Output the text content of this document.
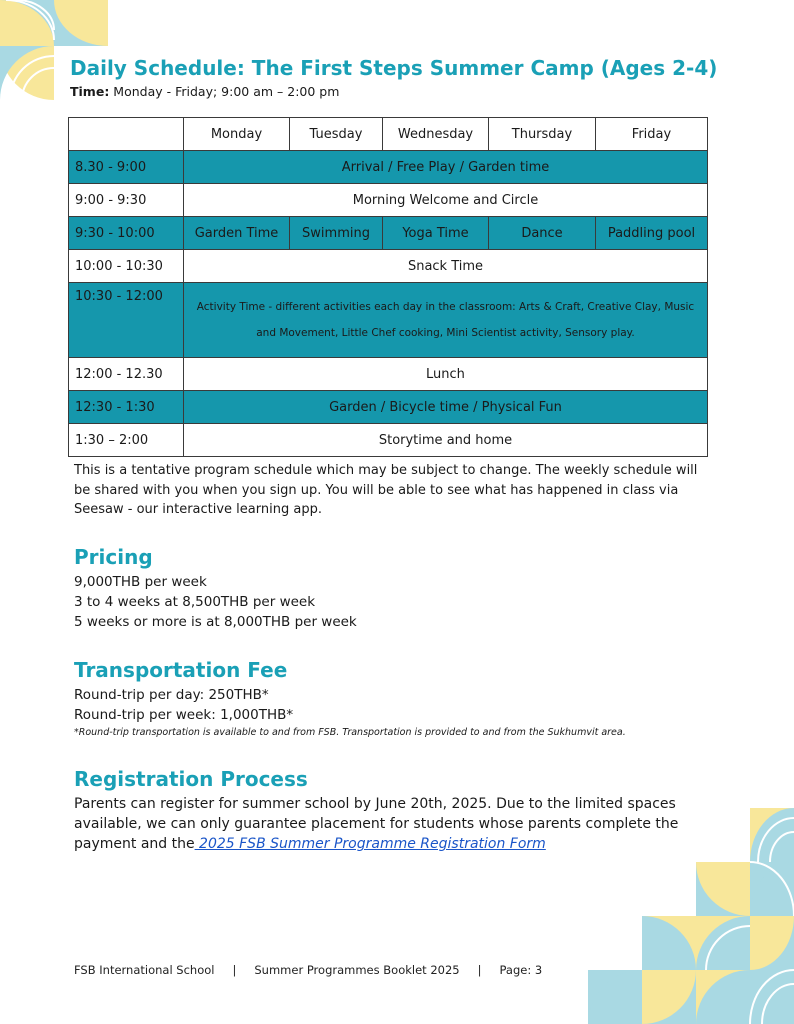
Daily Schedule: The First Steps Summer Camp (Ages 2-4)
Time: Monday - Friday; 9:00 am – 2:00 pm
	Monday	Tuesday	Wednesday	Thursday	Friday
8.30 - 9:00	Arrival / Free Play / Garden time				
9:00 - 9:30	Morning Welcome and Circle				
9:30 - 10:00	Garden Time	Swimming	Yoga Time	Dance	Paddling pool
10:00 - 10:30	Snack Time				
10:30 - 12:00	Activity Time - different activities each day in the classroom: Arts & Craft, Creative Clay, Music and Movement, Little Chef cooking, Mini Scientist activity, Sensory play.				
12:00 - 12.30	Lunch				
12:30 - 1:30	Garden / Bicycle time / Physical Fun				
1:30 – 2:00	Storytime and home				

This is a tentative program schedule which may be subject to change. The weekly schedule will be shared with you when you sign up. You will be able to see what has happened in class via Seesaw - our interactive learning app.

Pricing
9,000THB per week
3 to 4 weeks at 8,500THB per week
5 weeks or more is at 8,000THB per week
Transportation Fee
Round-trip per day: 250THB*
Round-trip per week: 1,000THB*
*Round-trip transportation is available to and from FSB. Transportation is provided to and from the Sukhumvit area.
Registration Process

Parents can register for summer school by June 20th, 2025. Due to the limited spaces available, we can only guarantee placement for students whose parents complete the payment and the 2025 FSB Summer Programme Registration Form

FSB International School | Summer Programmes Booklet 2025 | Page: 3
